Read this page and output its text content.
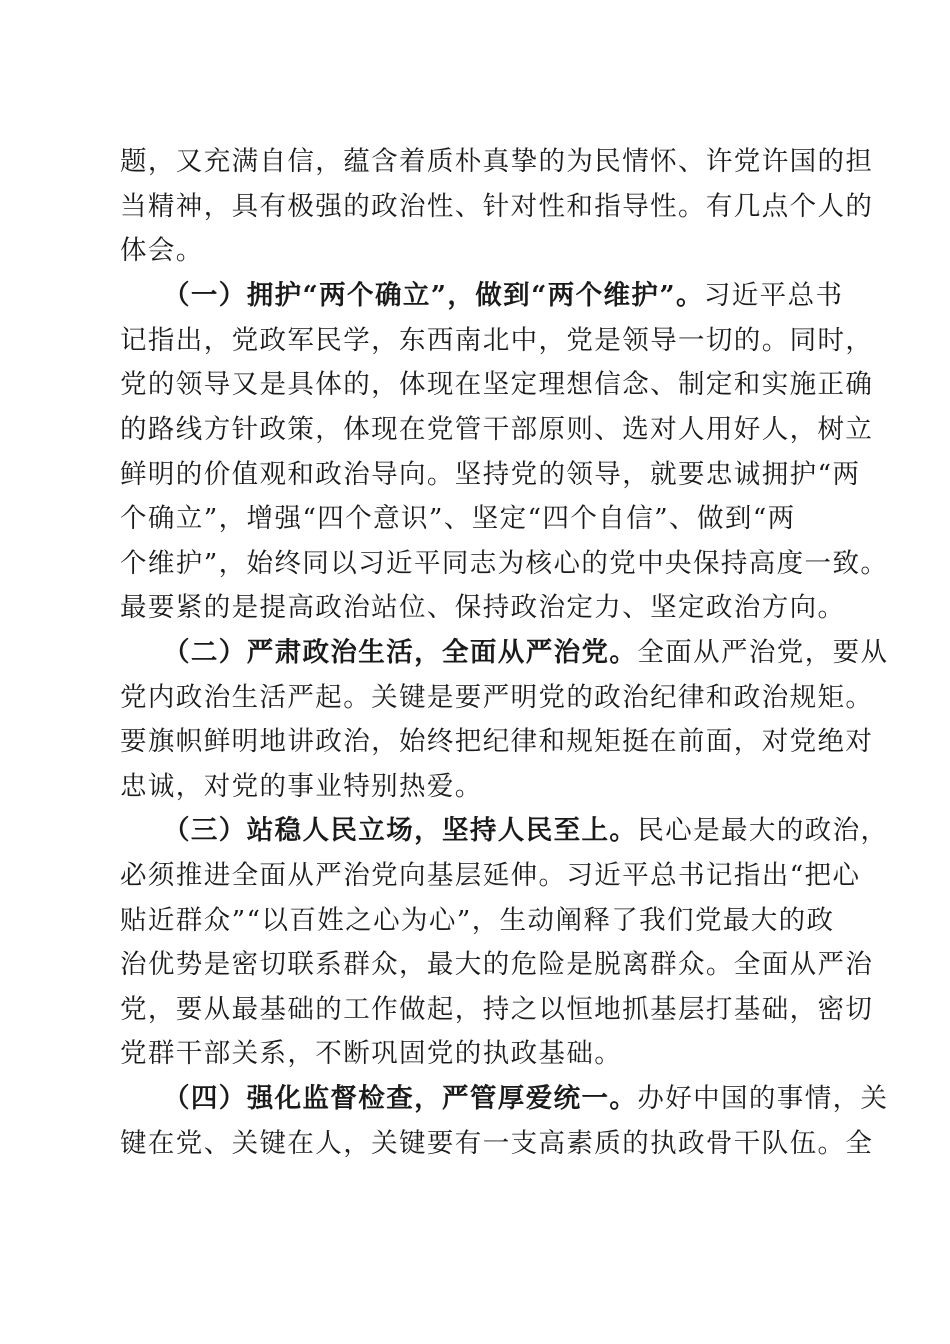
题，又充满自信，蕴含着质朴真挚的为民情怀、许党许国的担
当精神，具有极强的政治性、针对性和指导性。有几点个人的
体会。
（一）拥护“两个确立”，做到“两个维护”。习近平总书
记指出，党政军民学，东西南北中，党是领导一切的。同时，
党的领导又是具体的，体现在坚定理想信念、制定和实施正确
的路线方针政策，体现在党管干部原则、选对人用好人，树立
鲜明的价值观和政治导向。坚持党的领导，就要忠诚拥护“两
个确立”，增强“四个意识”、坚定“四个自信”、做到“两
个维护”，始终同以习近平同志为核心的党中央保持高度一致。
最要紧的是提高政治站位、保持政治定力、坚定政治方向。
（二）严肃政治生活，全面从严治党。全面从严治党，要从
党内政治生活严起。关键是要严明党的政治纪律和政治规矩。
要旗帜鲜明地讲政治，始终把纪律和规矩挺在前面，对党绝对
忠诚，对党的事业特别热爱。
（三）站稳人民立场，坚持人民至上。民心是最大的政治，
必须推进全面从严治党向基层延伸。习近平总书记指出“把心
贴近群众”“以百姓之心为心”，生动阐释了我们党最大的政
治优势是密切联系群众，最大的危险是脱离群众。全面从严治
党，要从最基础的工作做起，持之以恒地抓基层打基础，密切
党群干部关系，不断巩固党的执政基础。
（四）强化监督检查，严管厚爱统一。办好中国的事情，关
键在党、关键在人，关键要有一支高素质的执政骨干队伍。全
